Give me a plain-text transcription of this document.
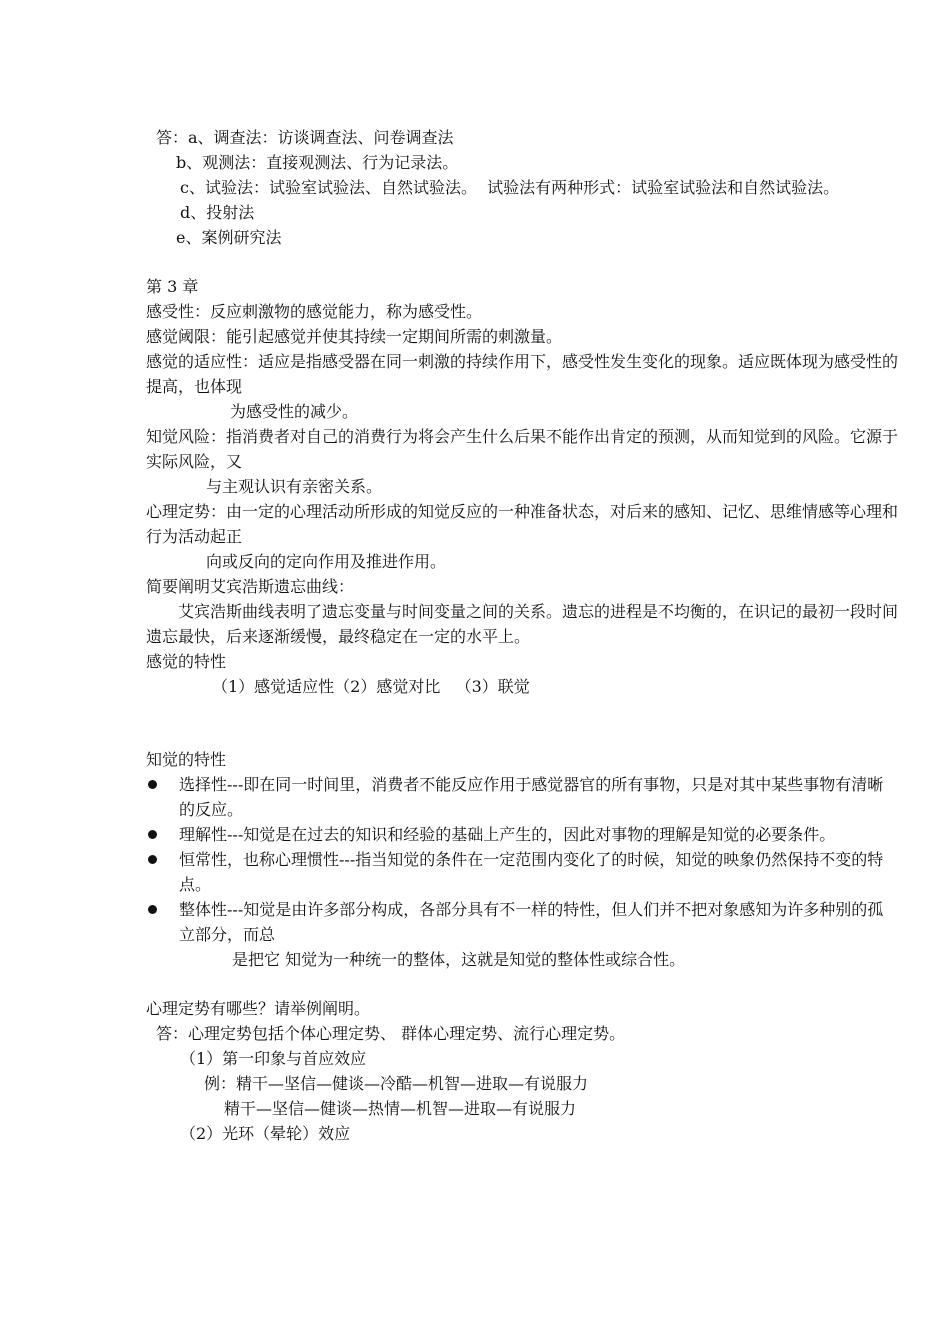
答：a、调查法：访谈调查法、问卷调查法
b、观测法：直接观测法、行为记录法。
c、试验法：试验室试验法、自然试验法。  试验法有两种形式：试验室试验法和自然试验法。
d、投射法
e、案例研究法
第 3 章
感受性：反应刺激物的感觉能力，称为感受性。
感觉阈限：能引起感觉并使其持续一定期间所需的刺激量。
感觉的适应性：适应是指感受器在同一刺激的持续作用下，感受性发生变化的现象。适应既体现为感受性的提高，也体现
为感受性的减少。
知觉风险：指消费者对自己的消费行为将会产生什么后果不能作出肯定的预测，从而知觉到的风险。它源于实际风险，又
与主观认识有亲密关系。
心理定势：由一定的心理活动所形成的知觉反应的一种准备状态，对后来的感知、记忆、思维情感等心理和行为活动起正
向或反向的定向作用及推进作用。
简要阐明艾宾浩斯遗忘曲线：
艾宾浩斯曲线表明了遗忘变量与时间变量之间的关系。遗忘的进程是不均衡的，在识记的最初一段时间遗忘最快，后来逐渐缓慢，最终稳定在一定的水平上。
感觉的特性
（1）感觉适应性（2）感觉对比   （3）联觉
知觉的特性
选择性---即在同一时间里，消费者不能反应作用于感觉器官的所有事物，只是对其中某些事物有清晰的反应。
理解性---知觉是在过去的知识和经验的基础上产生的，因此对事物的理解是知觉的必要条件。
恒常性，也称心理惯性---指当知觉的条件在一定范围内变化了的时候，知觉的映象仍然保持不变的特点。
整体性---知觉是由许多部分构成，各部分具有不一样的特性，但人们并不把对象感知为许多种别的孤立部分，而总
是把它 知觉为一种统一的整体，这就是知觉的整体性或综合性。
心理定势有哪些？请举例阐明。
答：心理定势包括个体心理定势、 群体心理定势、流行心理定势。
（1）第一印象与首应效应
例：精干—坚信—健谈—冷酷—机智—进取—有说服力
精干—坚信—健谈—热情—机智—进取—有说服力
（2）光环（晕轮）效应
